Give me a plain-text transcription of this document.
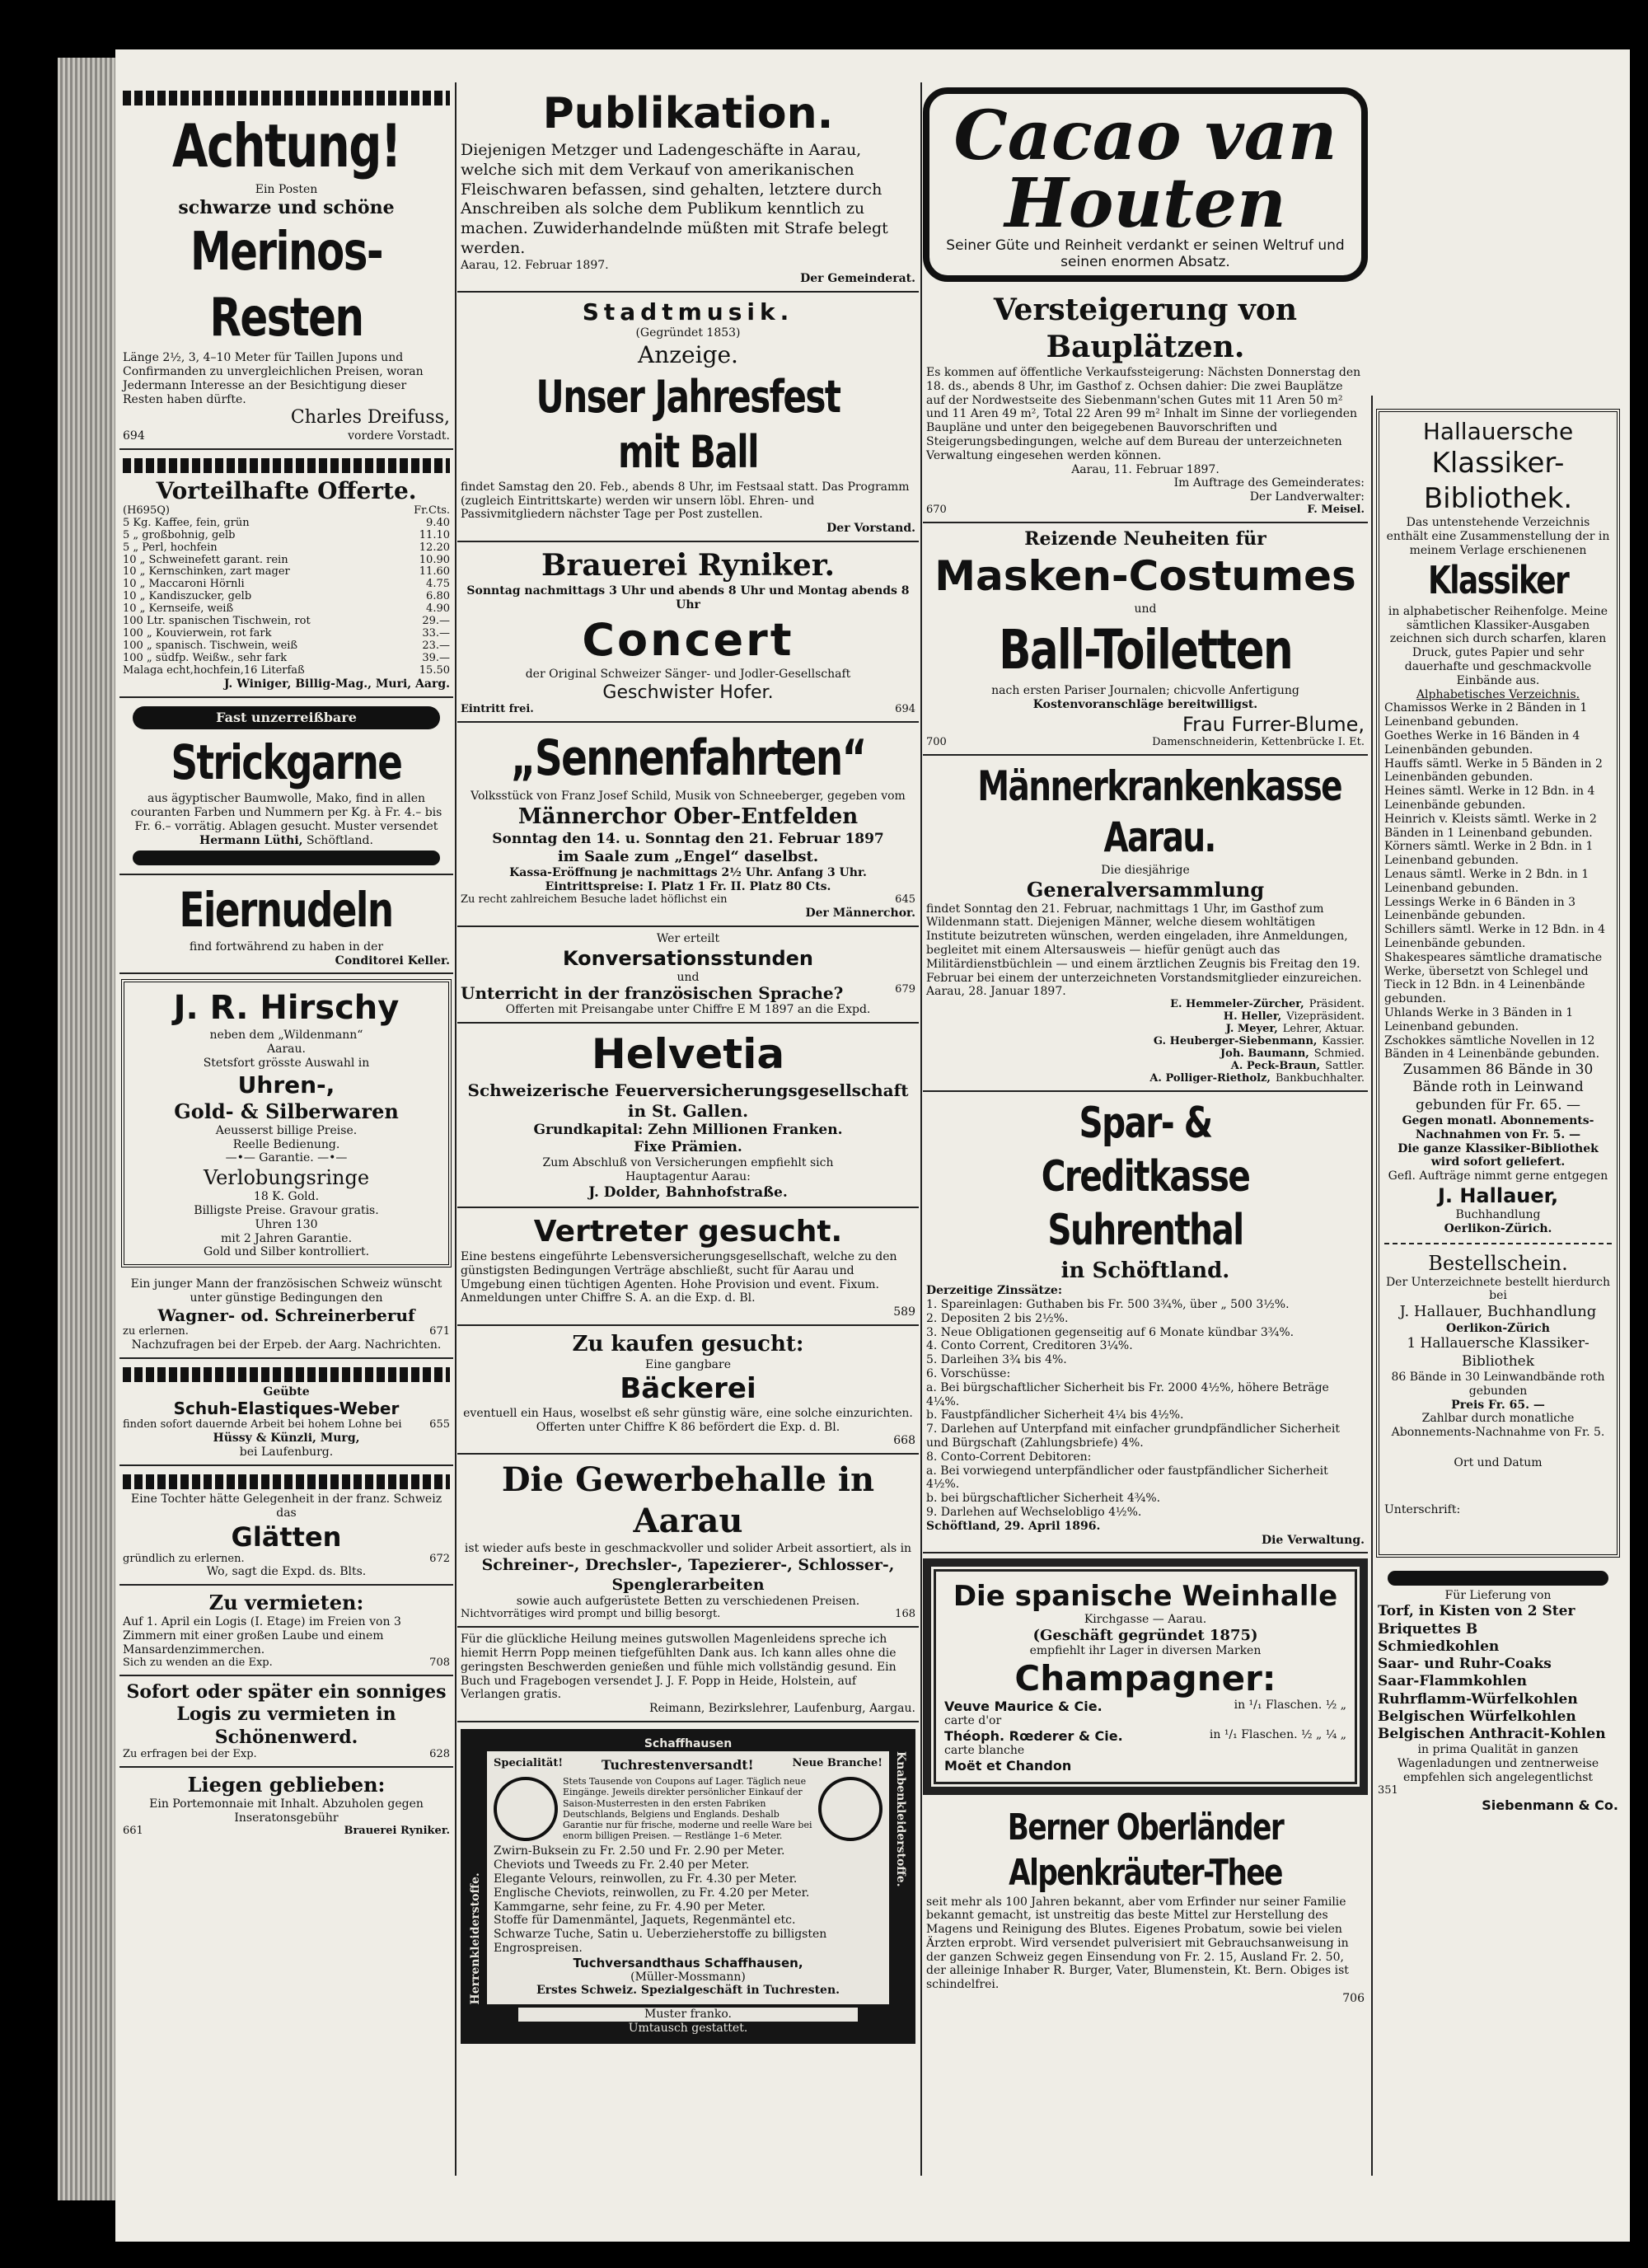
Achtung!
Ein Posten
schwarze und schöne
Merinos-Resten
Länge 2½, 3, 4–10 Meter für Taillen Jupons und Confirmanden zu unvergleichlichen Preisen, woran Jedermann Interesse an der Besichtigung dieser Resten haben dürfte.
Charles Dreifuss,
694	vordere Vorstadt.
Vorteilhafte Offerte.
(H695Q)	Fr.Cts.
5 Kg. Kaffee, fein, grün	9.40
5 „ großbohnig, gelb	11.10
5 „ Perl, hochfein	12.20
10 „ Schweinefett garant. rein	10.90
10 „ Kernschinken, zart mager	11.60
10 „ Maccaroni Hörnli	4.75
10 „ Kandiszucker, gelb	6.80
10 „ Kernseife, weiß	4.90
100 Ltr. spanischen Tischwein, rot	29.—
100 „ Kouvierwein, rot fark	33.—
100 „ spanisch. Tischwein, weiß	23.—
100 „ südfp. Weißw., sehr fark	39.—
Malaga echt,hochfein,16 Literfaß	15.50
J. Winiger, Billig-Mag., Muri, Aarg.
Fast unzerreißbare
Strickgarne
aus ägyptischer Baumwolle, Mako, find in allen couranten Farben und Nummern per Kg. à Fr. 4.– bis Fr. 6.– vorrätig. Ablagen gesucht. Muster versendet
Hermann Lüthi, Schöftland.
Eiernudeln
find fortwährend zu haben in der
Conditorei Keller.
J. R. Hirschy
neben dem „Wildenmann“
Aarau.
Stetsfort grösste Auswahl in
Uhren-,
Gold- & Silberwaren
Aeusserst billige Preise.
Reelle Bedienung.
—•— Garantie. —•—
Verlobungsringe
18 K. Gold.
Billigste Preise. Gravour gratis.
Uhren 130
mit 2 Jahren Garantie.
Gold und Silber kontrolliert.
Ein junger Mann der französischen Schweiz wünscht unter günstige Bedingungen den
Wagner- od. Schreinerberuf
zu erlernen.	671
Nachzufragen bei der Erpeb. der Aarg. Nachrichten.
Geübte
Schuh-Elastiques-Weber
finden sofort dauernde Arbeit bei hohem Lohne bei	655
Hüssy & Künzli, Murg,
bei Laufenburg.
Eine Tochter hätte Gelegenheit in der franz. Schweiz das
Glätten
gründlich zu erlernen.	672
Wo, sagt die Expd. ds. Blts.
Zu vermieten:
Auf 1. April ein Logis (I. Etage) im Freien von 3 Zimmern mit einer großen Laube und einem Mansardenzimmerchen.
Sich zu wenden an die Exp.	708
Sofort oder später ein sonniges Logis zu vermieten in Schönenwerd.
Zu erfragen bei der Exp.	628
Liegen geblieben:
Ein Portemonnaie mit Inhalt. Abzuholen gegen Inseratonsgebühr
661	Brauerei Ryniker.
Publikation.
Diejenigen Metzger und Ladengeschäfte in Aarau, welche sich mit dem Verkauf von amerikanischen Fleischwaren befassen, sind gehalten, letztere durch Anschreiben als solche dem Publikum kenntlich zu machen. Zuwiderhandelnde müßten mit Strafe belegt werden.
Aarau, 12. Februar 1897.
Der Gemeinderat.
Stadtmusik.
(Gegründet 1853)
Anzeige.
Unser Jahresfest mit Ball
findet Samstag den 20. Feb., abends 8 Uhr, im Festsaal statt. Das Programm (zugleich Eintrittskarte) werden wir unsern löbl. Ehren- und Passivmitgliedern nächster Tage per Post zustellen.
Der Vorstand.
Brauerei Ryniker.
Sonntag nachmittags 3 Uhr und abends 8 Uhr und Montag abends 8 Uhr
Concert
der Original Schweizer Sänger- und Jodler-Gesellschaft
Geschwister Hofer.
Eintritt frei.	694
„Sennenfahrten“
Volksstück von Franz Josef Schild, Musik von Schneeberger, gegeben vom
Männerchor Ober-Entfelden
Sonntag den 14. u. Sonntag den 21. Februar 1897
im Saale zum „Engel“ daselbst.
Kassa-Eröffnung je nachmittags 2½ Uhr. Anfang 3 Uhr.
Eintrittspreise: I. Platz 1 Fr. II. Platz 80 Cts.
Zu recht zahlreichem Besuche ladet höflichst ein	645
Der Männerchor.
Wer erteilt
Konversationsstunden
und
Unterricht in der französischen Sprache?	679
Offerten mit Preisangabe unter Chiffre E M 1897 an die Expd.
Helvetia
Schweizerische Feuerversicherungsgesellschaft in St. Gallen.
Grundkapital: Zehn Millionen Franken.
Fixe Prämien.
Zum Abschluß von Versicherungen empfiehlt sich
Hauptagentur Aarau:
J. Dolder, Bahnhofstraße.
Vertreter gesucht.
Eine bestens eingeführte Lebensversicherungsgesellschaft, welche zu den günstigsten Bedingungen Verträge abschließt, sucht für Aarau und Umgebung einen tüchtigen Agenten. Hohe Provision und event. Fixum. Anmeldungen unter Chiffre S. A. an die Exp. d. Bl.
589
Zu kaufen gesucht:
Eine gangbare
Bäckerei
eventuell ein Haus, woselbst eß sehr günstig wäre, eine solche einzurichten. Offerten unter Chiffre K 86 befördert die Exp. d. Bl.
668
Die Gewerbehalle in Aarau
ist wieder aufs beste in geschmackvoller und solider Arbeit assortiert, als in
Schreiner-, Drechsler-, Tapezierer-, Schlosser-, Spenglerarbeiten
sowie auch aufgerüstete Betten zu verschiedenen Preisen.
Nichtvorrätiges wird prompt und billig besorgt.	168
Für die glückliche Heilung meines gutswollen Magenleidens spreche ich hiemit Herrn Popp meinen tiefgefühlten Dank aus. Ich kann alles ohne die geringsten Beschwerden genießen und fühle mich vollständig gesund. Ein Buch und Fragebogen versendet J. J. F. Popp in Heide, Holstein, auf Verlangen gratis.
Reimann, Bezirkslehrer, Laufenburg, Aargau.
Schaffhausen
Herrenkleiderstoffe.
Specialität!	Tuchrestenversandt!	Neue Branche!
Stets Tausende von Coupons auf Lager. Täglich neue Eingänge. Jeweils direkter persönlicher Einkauf der Saison-Musterresten in den ersten Fabriken Deutschlands, Belgiens und Englands. Deshalb Garantie nur für frische, moderne und reelle Ware bei enorm billigen Preisen. — Restlänge 1–6 Meter.
Zwirn-Buksein zu Fr. 2.50 und Fr. 2.90 per Meter.
Cheviots und Tweeds zu Fr. 2.40 per Meter.
Elegante Velours, reinwollen, zu Fr. 4.30 per Meter.
Englische Cheviots, reinwollen, zu Fr. 4.20 per Meter.
Kammgarne, sehr feine, zu Fr. 4.90 per Meter.
Stoffe für Damenmäntel, Jaquets, Regenmäntel etc.
Schwarze Tuche, Satin u. Ueberzieherstoffe zu billigsten Engrospreisen.
Tuchversandthaus Schaffhausen,
(Müller-Mossmann)
Erstes Schweiz. Spezialgeschäft in Tuchresten.
Knabenkleiderstoffe.
Muster franko.
Umtausch gestattet.
Cacao van Houten
Seiner Güte und Reinheit verdankt er seinen Weltruf und seinen enormen Absatz.
Versteigerung von Bauplätzen.
Es kommen auf öffentliche Verkaufssteigerung: Nächsten Donnerstag den 18. ds., abends 8 Uhr, im Gasthof z. Ochsen dahier: Die zwei Bauplätze auf der Nordwestseite des Siebenmann'schen Gutes mit 11 Aren 50 m² und 11 Aren 49 m², Total 22 Aren 99 m² Inhalt im Sinne der vorliegenden Baupläne und unter den beigegebenen Bauvorschriften und Steigerungsbedingungen, welche auf dem Bureau der unterzeichneten Verwaltung eingesehen werden können.
Aarau, 11. Februar 1897.
Im Auftrage des Gemeinderates:
Der Landverwalter:
670	F. Meisel.
Reizende Neuheiten für
Masken-Costumes
und
Ball-Toiletten
nach ersten Pariser Journalen; chicvolle Anfertigung
Kostenvoranschläge bereitwilligst.
Frau Furrer-Blume,
700	Damenschneiderin, Kettenbrücke I. Et.
Männerkrankenkasse Aarau.
Die diesjährige
Generalversammlung
findet Sonntag den 21. Februar, nachmittags 1 Uhr, im Gasthof zum Wildenmann statt. Diejenigen Männer, welche diesem wohltätigen Institute beizutreten wünschen, werden eingeladen, ihre Anmeldungen, begleitet mit einem Altersausweis — hiefür genügt auch das Militärdienstbüchlein — und einem ärztlichen Zeugnis bis Freitag den 19. Februar bei einem der unterzeichneten Vorstandsmitglieder einzureichen.
Aarau, 28. Januar 1897.
E. Hemmeler-Zürcher, Präsident.
H. Heller, Vizepräsident.
J. Meyer, Lehrer, Aktuar.
G. Heuberger-Siebenmann, Kassier.
Joh. Baumann, Schmied.
A. Peck-Braun, Sattler.
A. Polliger-Rietholz, Bankbuchhalter.
Spar- & Creditkasse Suhrenthal
in Schöftland.
Derzeitige Zinssätze:
1. Spareinlagen: Guthaben bis Fr. 500 3¾%, über „ 500 3½%.
2. Depositen 2 bis 2½%.
3. Neue Obligationen gegenseitig auf 6 Monate kündbar 3¾%.
4. Conto Corrent, Creditoren 3¼%.
5. Darleihen 3¾ bis 4%.
6. Vorschüsse:
a. Bei bürgschaftlicher Sicherheit bis Fr. 2000 4½%, höhere Beträge 4¼%.
b. Faustpfändlicher Sicherheit 4¼ bis 4½%.
7. Darlehen auf Unterpfand mit einfacher grundpfändlicher Sicherheit und Bürgschaft (Zahlungsbriefe) 4%.
8. Conto-Corrent Debitoren:
a. Bei vorwiegend unterpfändlicher oder faustpfändlicher Sicherheit 4½%.
b. bei bürgschaftlicher Sicherheit 4¾%.
9. Darlehen auf Wechselobligo 4½%.
Schöftland, 29. April 1896.
Die Verwaltung.
Die spanische Weinhalle
Kirchgasse — Aarau.
(Geschäft gegründet 1875)
empfiehlt ihr Lager in diversen Marken
Champagner:
Veuve Maurice & Cie.
carte d'or
in ¹/₁ Flaschen. ½ „
Théoph. Rœderer & Cie.
carte blanche
in ¹/₁ Flaschen. ½ „ ¼ „
Moët et Chandon
Berner Oberländer Alpenkräuter-Thee
seit mehr als 100 Jahren bekannt, aber vom Erfinder nur seiner Familie bekannt gemacht, ist unstreitig das beste Mittel zur Herstellung des Magens und Reinigung des Blutes. Eigenes Probatum, sowie bei vielen Ärzten erprobt. Wird versendet pulverisiert mit Gebrauchsanweisung in der ganzen Schweiz gegen Einsendung von Fr. 2. 15, Ausland Fr. 2. 50, der alleinige Inhaber R. Burger, Vater, Blumenstein, Kt. Bern. Obiges ist schindelfrei.
706
Hallauersche
Klassiker-
Bibliothek.
Das untenstehende Verzeichnis enthält eine Zusammenstellung der in meinem Verlage erschienenen
Klassiker
in alphabetischer Reihenfolge. Meine sämtlichen Klassiker-Ausgaben zeichnen sich durch scharfen, klaren Druck, gutes Papier und sehr dauerhafte und geschmackvolle Einbände aus.
Alphabetisches Verzeichnis.
Chamissos Werke in 2 Bänden in 1 Leinenband gebunden.
Goethes Werke in 16 Bänden in 4 Leinenbänden gebunden.
Hauffs sämtl. Werke in 5 Bänden in 2 Leinenbänden gebunden.
Heines sämtl. Werke in 12 Bdn. in 4 Leinenbände gebunden.
Heinrich v. Kleists sämtl. Werke in 2 Bänden in 1 Leinenband gebunden.
Körners sämtl. Werke in 2 Bdn. in 1 Leinenband gebunden.
Lenaus sämtl. Werke in 2 Bdn. in 1 Leinenband gebunden.
Lessings Werke in 6 Bänden in 3 Leinenbände gebunden.
Schillers sämtl. Werke in 12 Bdn. in 4 Leinenbände gebunden.
Shakespeares sämtliche dramatische Werke, übersetzt von Schlegel und Tieck in 12 Bdn. in 4 Leinenbände gebunden.
Uhlands Werke in 3 Bänden in 1 Leinenband gebunden.
Zschokkes sämtliche Novellen in 12 Bänden in 4 Leinenbände gebunden.
Zusammen 86 Bände in 30 Bände roth in Leinwand gebunden für Fr. 65. —
Gegen monatl. Abonnements-Nachnahmen von Fr. 5. —
Die ganze Klassiker-Bibliothek wird sofort geliefert.
Gefl. Aufträge nimmt gerne entgegen
J. Hallauer,
Buchhandlung
Oerlikon-Zürich.
Bestellschein.
Der Unterzeichnete bestellt hierdurch bei
J. Hallauer, Buchhandlung
Oerlikon-Zürich
1 Hallauersche Klassiker-Bibliothek
86 Bände in 30 Leinwandbände roth gebunden
Preis Fr. 65. —
Zahlbar durch monatliche Abonnements-Nachnahme von Fr. 5.
Ort und Datum
Unterschrift:
Für Lieferung von
Torf, in Kisten von 2 Ster
Briquettes B
Schmiedkohlen
Saar- und Ruhr-Coaks
Saar-Flammkohlen
Ruhrflamm-Würfelkohlen
Belgischen Würfelkohlen
Belgischen Anthracit-Kohlen
in prima Qualität in ganzen Wagenladungen und zentnerweise empfehlen sich angelegentlichst
351
Siebenmann & Co.
